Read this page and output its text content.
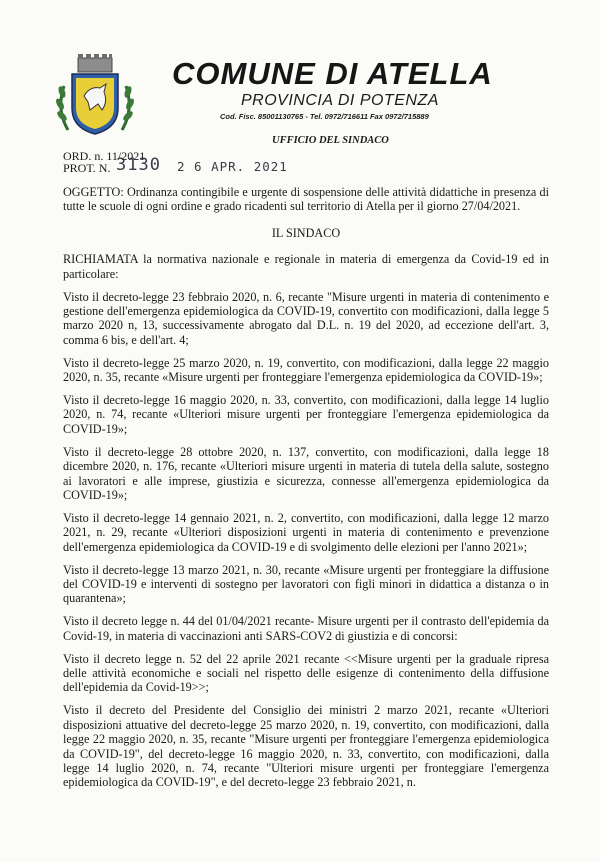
COMUNE DI ATELLA
PROVINCIA DI POTENZA
Cod. Fisc. 85001130765 - Tel. 0972/716611 Fax 0972/715889
UFFICIO DEL SINDACO
ORD. n. 11/2021
PROT. N. 3130 2 6 APR. 2021

OGGETTO: Ordinanza contingibile e urgente di sospensione delle attività didattiche in presenza di tutte le scuole di ogni ordine e grado ricadenti sul territorio di Atella per il giorno 27/04/2021.

IL SINDACO

RICHIAMATA la normativa nazionale e regionale in materia di emergenza da Covid-19 ed in particolare:

Visto il decreto-legge 23 febbraio 2020, n. 6, recante "Misure urgenti in materia di contenimento e gestione dell'emergenza epidemiologica da COVID-19, convertito con modificazioni, dalla legge 5 marzo 2020 n, 13, successivamente abrogato dal D.L. n. 19 del 2020, ad eccezione dell'art. 3, comma 6 bis, e dell'art. 4;

Visto il decreto-legge 25 marzo 2020, n. 19, convertito, con modificazioni, dalla legge 22 maggio 2020, n. 35, recante «Misure urgenti per fronteggiare l'emergenza epidemiologica da COVID-19»;

Visto il decreto-legge 16 maggio 2020, n. 33, convertito, con modificazioni, dalla legge 14 luglio 2020, n. 74, recante «Ulteriori misure urgenti per fronteggiare l'emergenza epidemiologica da COVID-19»;

Visto il decreto-legge 28 ottobre 2020, n. 137, convertito, con modificazioni, dalla legge 18 dicembre 2020, n. 176, recante «Ulteriori misure urgenti in materia di tutela della salute, sostegno ai lavoratori e alle imprese, giustizia e sicurezza, connesse all'emergenza epidemiologica da COVID-19»;

Visto il decreto-legge 14 gennaio 2021, n. 2, convertito, con modificazioni, dalla legge 12 marzo 2021, n. 29, recante «Ulteriori disposizioni urgenti in materia di contenimento e prevenzione dell'emergenza epidemiologica da COVID-19 e di svolgimento delle elezioni per l'anno 2021»;

Visto il decreto-legge 13 marzo 2021, n. 30, recante «Misure urgenti per fronteggiare la diffusione del COVID-19 e interventi di sostegno per lavoratori con figli minori in didattica a distanza o in quarantena»;

Visto il decreto legge n. 44 del 01/04/2021 recante- Misure urgenti per il contrasto dell'epidemia da Covid-19, in materia di vaccinazioni anti SARS-COV2 di giustizia e di concorsi:

Visto il decreto legge n. 52 del 22 aprile 2021 recante <<Misure urgenti per la graduale ripresa delle attività economiche e sociali nel rispetto delle esigenze di contenimento della diffusione dell'epidemia da Covid-19>>;

Visto il decreto del Presidente del Consiglio dei ministri 2 marzo 2021, recante «Ulteriori disposizioni attuative del decreto-legge 25 marzo 2020, n. 19, convertito, con modificazioni, dalla legge 22 maggio 2020, n. 35, recante "Misure urgenti per fronteggiare l'emergenza epidemiologica da COVID-19", del decreto-legge 16 maggio 2020, n. 33, convertito, con modificazioni, dalla legge 14 luglio 2020, n. 74, recante "Ulteriori misure urgenti per fronteggiare l'emergenza epidemiologica da COVID-19", e del decreto-legge 23 febbraio 2021, n.
